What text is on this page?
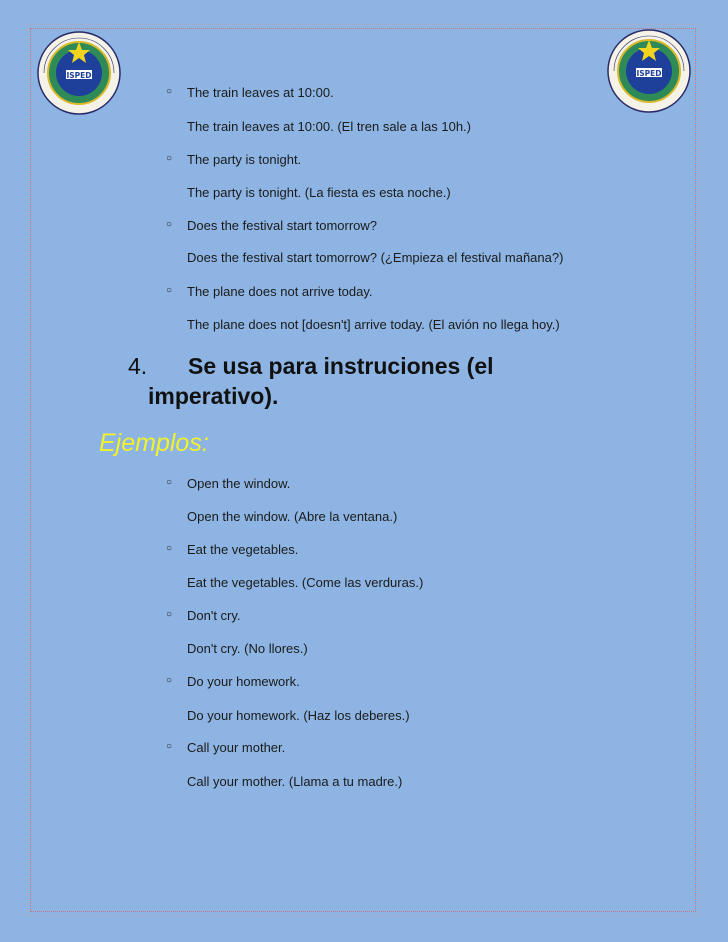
ISPED	ISPED
○ The train leaves at 10:00.
The train leaves at 10:00. (El tren sale a las 10h.)
○ The party is tonight.
The party is tonight. (La fiesta es esta noche.)
○ Does the festival start tomorrow?
Does the festival start tomorrow? (¿Empieza el festival mañana?)
○ The plane does not arrive today.
The plane does not [doesn't] arrive today. (El avión no llega hoy.)
4. Se usa para instruciones (el
imperativo).
Ejemplos:
○ Open the window.
Open the window. (Abre la ventana.)
○ Eat the vegetables.
Eat the vegetables. (Come las verduras.)
○ Don't cry.
Don't cry. (No llores.)
○ Do your homework.
Do your homework. (Haz los deberes.)
○ Call your mother.
Call your mother. (Llama a tu madre.)
